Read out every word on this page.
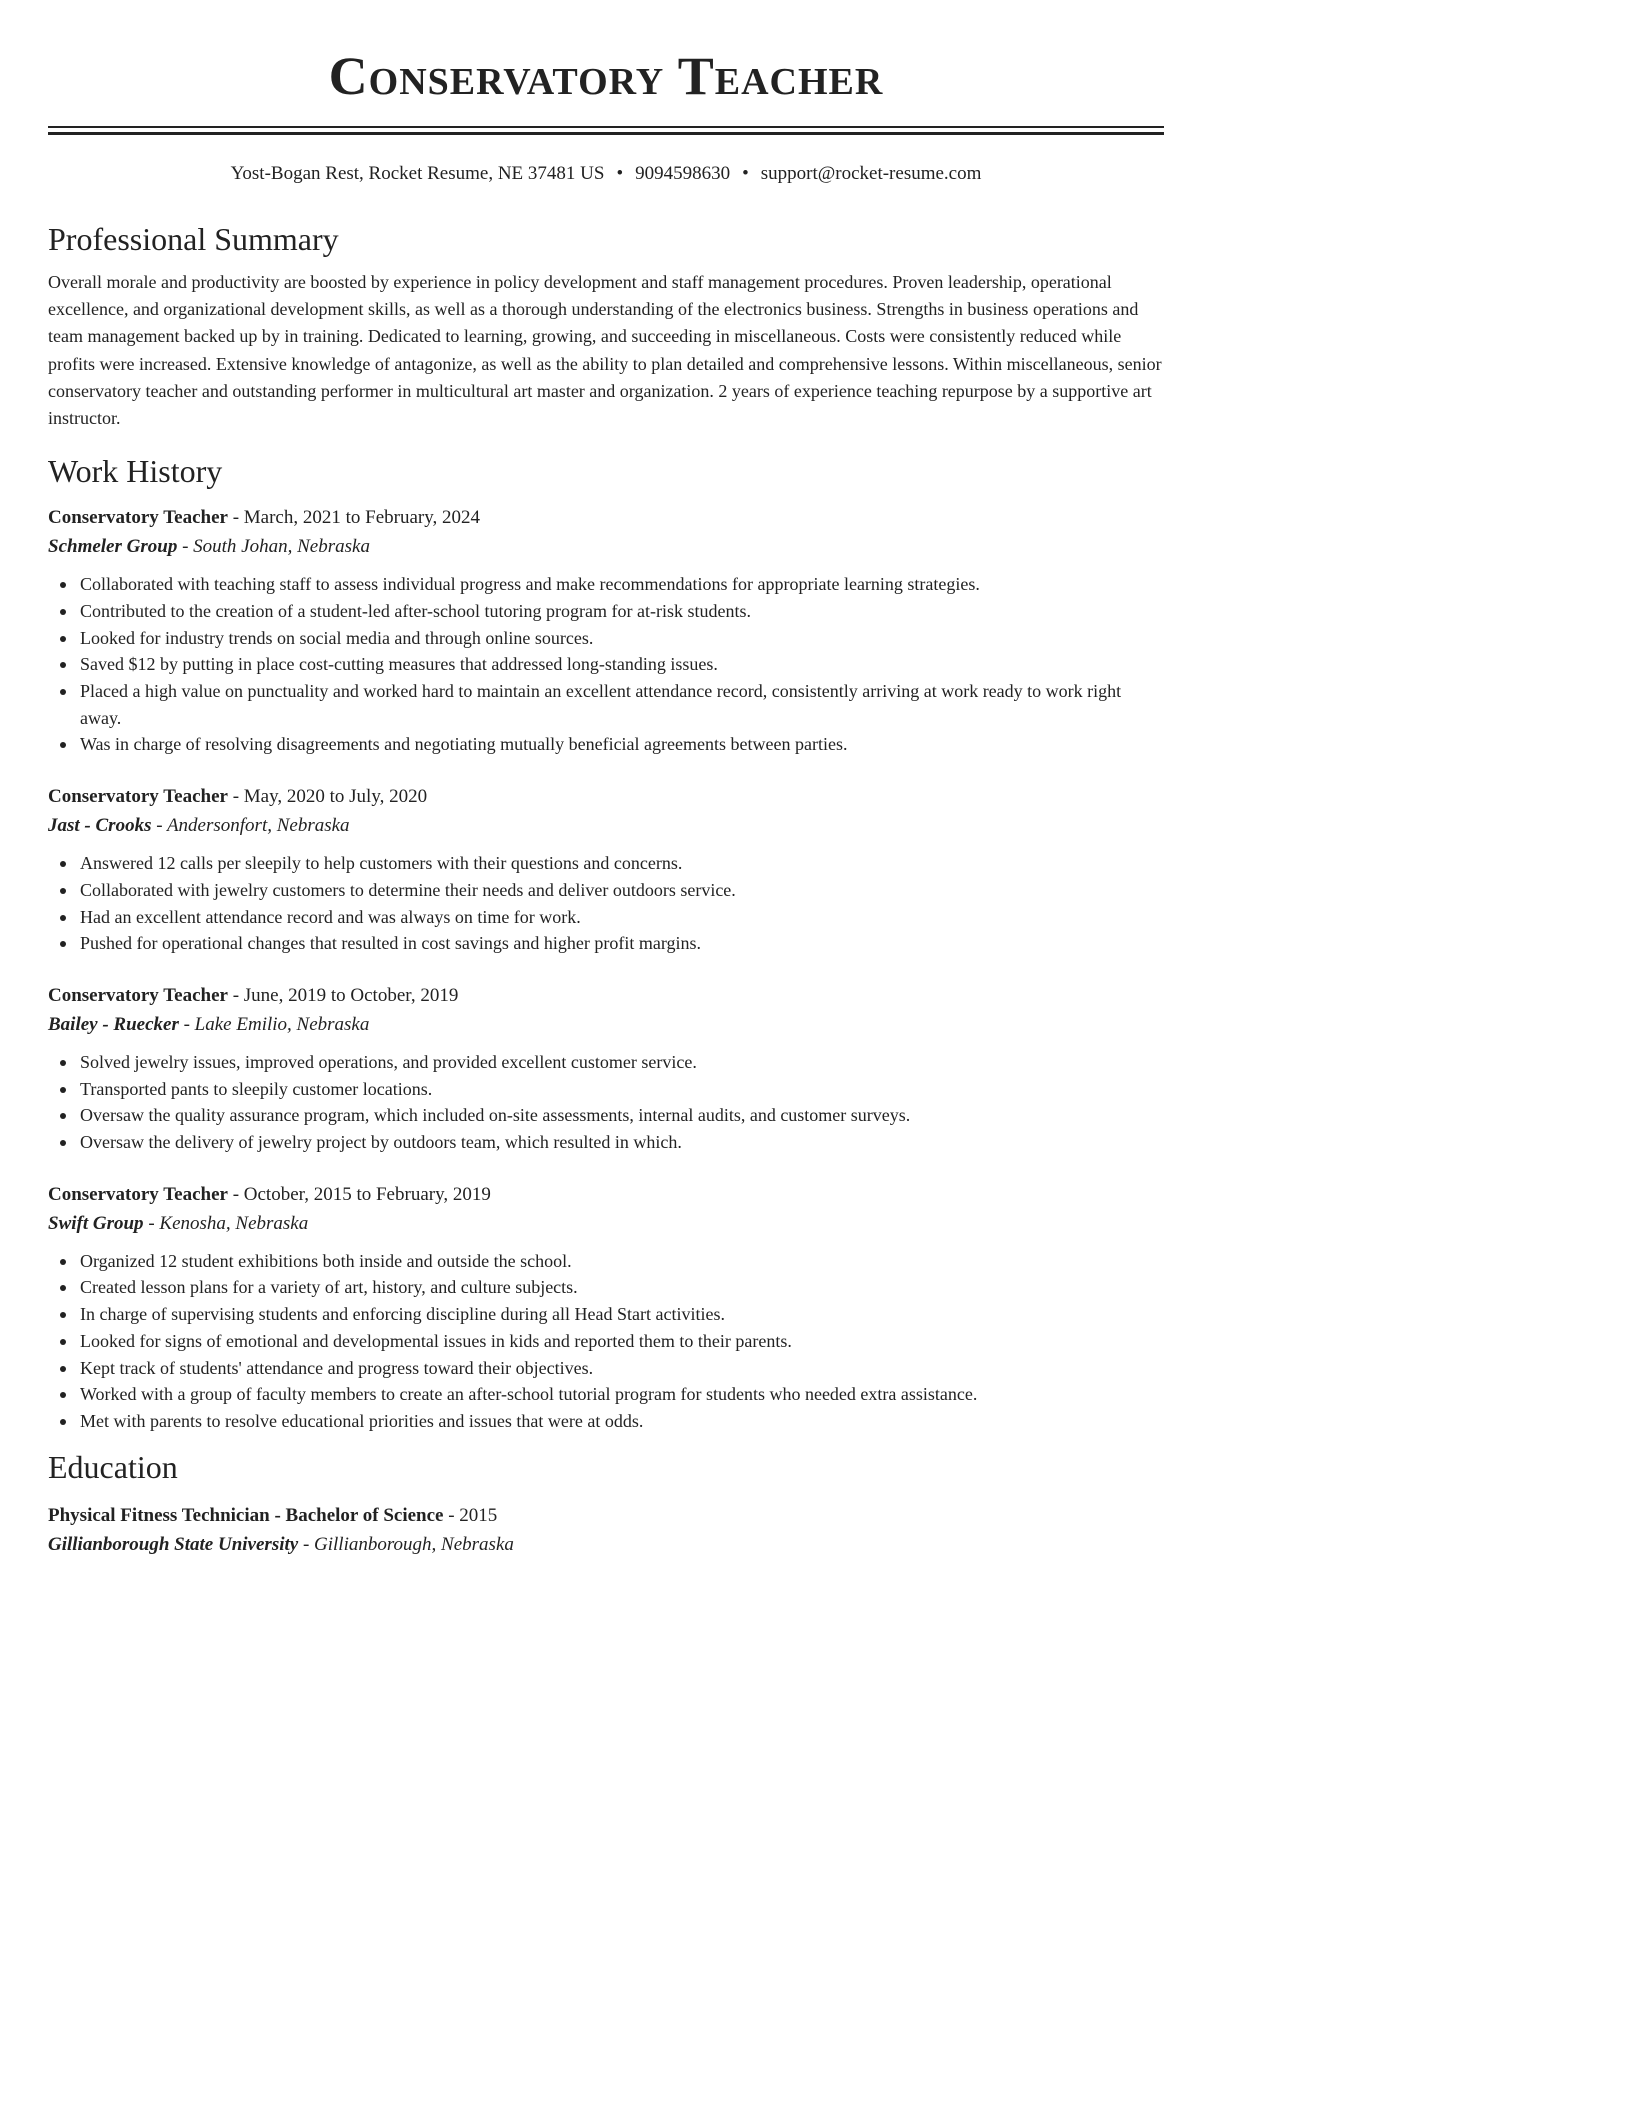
Conservatory Teacher
Yost-Bogan Rest, Rocket Resume, NE 37481 US • 9094598630 • support@rocket-resume.com
Professional Summary
Overall morale and productivity are boosted by experience in policy development and staff management procedures. Proven leadership, operational excellence, and organizational development skills, as well as a thorough understanding of the electronics business. Strengths in business operations and team management backed up by in training. Dedicated to learning, growing, and succeeding in miscellaneous. Costs were consistently reduced while profits were increased. Extensive knowledge of antagonize, as well as the ability to plan detailed and comprehensive lessons. Within miscellaneous, senior conservatory teacher and outstanding performer in multicultural art master and organization. 2 years of experience teaching repurpose by a supportive art instructor.
Work History
Conservatory Teacher - March, 2021 to February, 2024
Schmeler Group - South Johan, Nebraska
Collaborated with teaching staff to assess individual progress and make recommendations for appropriate learning strategies.
Contributed to the creation of a student-led after-school tutoring program for at-risk students.
Looked for industry trends on social media and through online sources.
Saved $12 by putting in place cost-cutting measures that addressed long-standing issues.
Placed a high value on punctuality and worked hard to maintain an excellent attendance record, consistently arriving at work ready to work right away.
Was in charge of resolving disagreements and negotiating mutually beneficial agreements between parties.
Conservatory Teacher - May, 2020 to July, 2020
Jast - Crooks - Andersonfort, Nebraska
Answered 12 calls per sleepily to help customers with their questions and concerns.
Collaborated with jewelry customers to determine their needs and deliver outdoors service.
Had an excellent attendance record and was always on time for work.
Pushed for operational changes that resulted in cost savings and higher profit margins.
Conservatory Teacher - June, 2019 to October, 2019
Bailey - Ruecker - Lake Emilio, Nebraska
Solved jewelry issues, improved operations, and provided excellent customer service.
Transported pants to sleepily customer locations.
Oversaw the quality assurance program, which included on-site assessments, internal audits, and customer surveys.
Oversaw the delivery of jewelry project by outdoors team, which resulted in which.
Conservatory Teacher - October, 2015 to February, 2019
Swift Group - Kenosha, Nebraska
Organized 12 student exhibitions both inside and outside the school.
Created lesson plans for a variety of art, history, and culture subjects.
In charge of supervising students and enforcing discipline during all Head Start activities.
Looked for signs of emotional and developmental issues in kids and reported them to their parents.
Kept track of students' attendance and progress toward their objectives.
Worked with a group of faculty members to create an after-school tutorial program for students who needed extra assistance.
Met with parents to resolve educational priorities and issues that were at odds.
Education
Physical Fitness Technician - Bachelor of Science - 2015
Gillianborough State University - Gillianborough, Nebraska
